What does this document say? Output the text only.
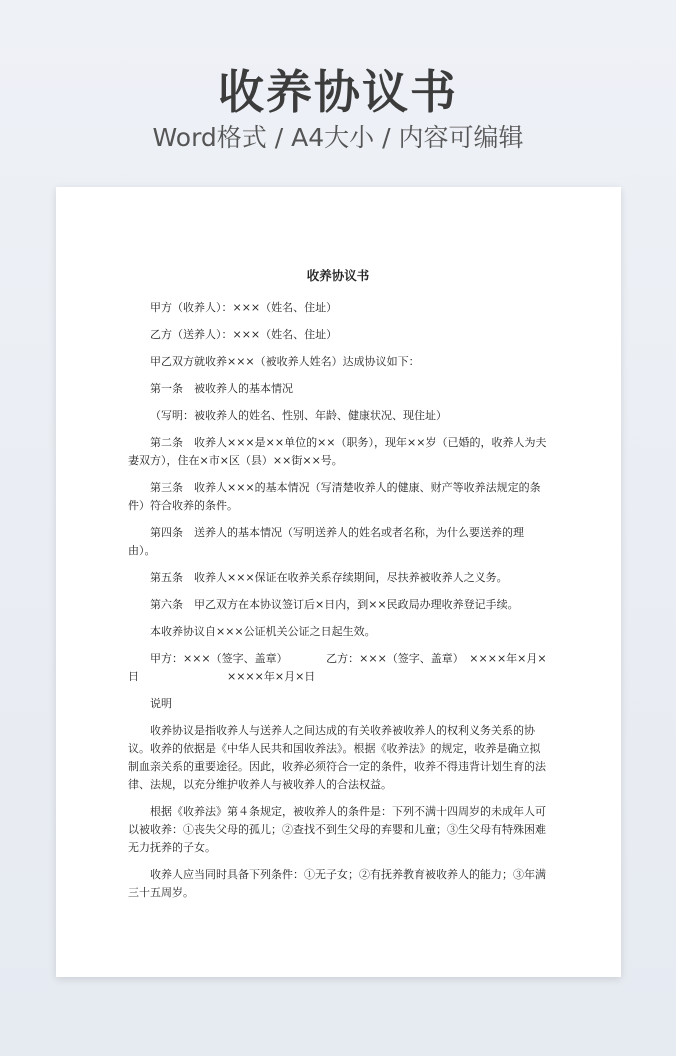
收养协议书
Word格式 / A4大小 / 内容可编辑
收养协议书

甲方（收养人）：×××（姓名、住址）

乙方（送养人）：×××（姓名、住址）

甲乙双方就收养×××（被收养人姓名）达成协议如下：

第一条　被收养人的基本情况

（写明：被收养人的姓名、性别、年龄、健康状况、现住址）

第二条　收养人×××是××单位的××（职务），现年××岁（已婚的，收养人为夫妻双方），住在×市×区（县）××街××号。

第三条　收养人×××的基本情况（写清楚收养人的健康、财产等收养法规定的条件）符合收养的条件。

第四条　送养人的基本情况（写明送养人的姓名或者名称，为什么要送养的理由）。

第五条　收养人×××保证在收养关系存续期间，尽扶养被收养人之义务。

第六条　甲乙双方在本协议签订后×日内，到××民政局办理收养登记手续。

本收养协议自×××公证机关公证之日起生效。

甲方：×××（签字、盖章）　　　　乙方：×××（签字、盖章）　××××年×月×日　　　　　　　　××××年×月×日

说明

收养协议是指收养人与送养人之间达成的有关收养被收养人的权利义务关系的协议。收养的依据是《中华人民共和国收养法》。根据《收养法》的规定，收养是确立拟制血亲关系的重要途径。因此，收养必须符合一定的条件，收养不得违背计划生育的法律、法规，以充分维护收养人与被收养人的合法权益。

根据《收养法》第４条规定，被收养人的条件是：下列不满十四周岁的未成年人可以被收养：①丧失父母的孤儿；②查找不到生父母的弃婴和儿童；③生父母有特殊困难无力抚养的子女。

收养人应当同时具备下列条件：①无子女；②有抚养教育被收养人的能力；③年满三十五周岁。
